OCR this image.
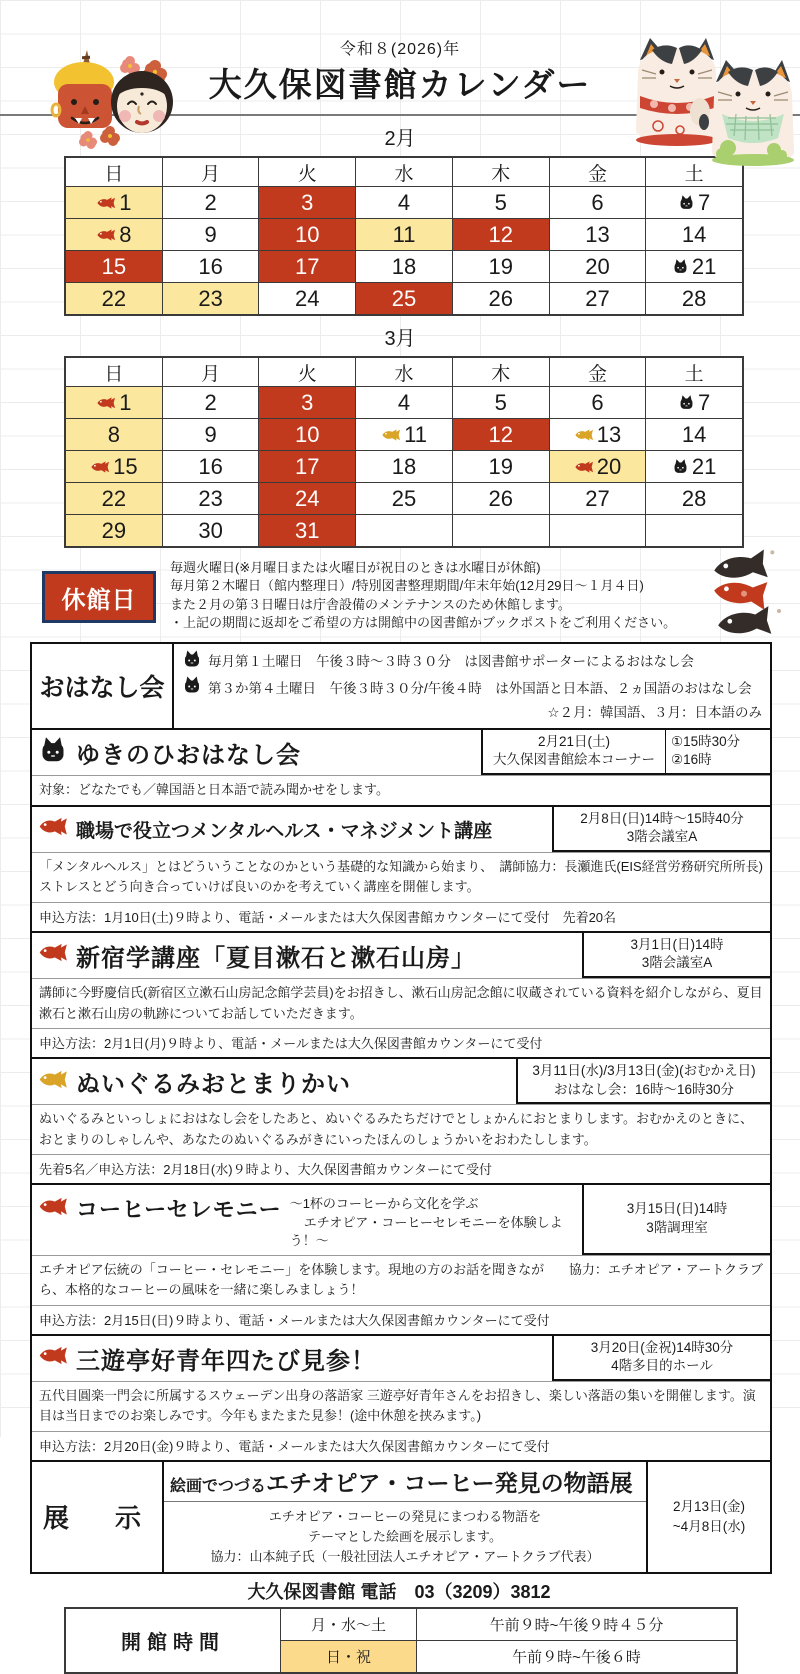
令和８(2026)年
大久保図書館カレンダー
2月
日	月	火	水	木	金	土
1	2	3	4	5	6	7
8	9	10	11	12	13	14
15	16	17	18	19	20	21
22	23	24	25	26	27	28
3月
日	月	火	水	木	金	土
1	2	3	4	5	6	7
8	9	10	11	12	13	14
15	16	17	18	19	20	21
22	23	24	25	26	27	28
29	30	31
休館日
毎週火曜日(※月曜日または火曜日が祝日のときは水曜日が休館)
毎月第２木曜日（館内整理日）/特別図書整理期間/年末年始(12月29日～１月４日)
また２月の第３日曜日は庁舎設備のメンテナンスのため休館します。
・上記の期間に返却をご希望の方は開館中の図書館かブックポストをご利用ください。
おはなし会
毎月第１土曜日　午後３時～３時３０分　は図書館サポーターによるおはなし会
第３か第４土曜日　午後３時３０分/午後４時　は外国語と日本語、２ヵ国語のおはなし会
☆２月：韓国語、３月：日本語のみ
ゆきのひおはなし会
2月21日(土)
大久保図書館絵本コーナー
①15時30分
②16時
対象：どなたでも／韓国語と日本語で読み聞かせをします。
職場で役立つメンタルヘルス・マネジメント講座
2月8日(日)14時～15時40分
3階会議室A
講師協力：長瀬進氏(EIS経営労務研究所所長)
「メンタルヘルス」とはどういうことなのかという基礎的な知識から始まり、ストレスとどう向き合っていけば良いのかを考えていく講座を開催します。
申込方法：1月10日(土)９時より、電話・メールまたは大久保図書館カウンターにて受付　先着20名
新宿学講座「夏目漱石と漱石山房」
3月1日(日)14時
3階会議室A
講師に今野慶信氏(新宿区立漱石山房記念館学芸員)をお招きし、漱石山房記念館に収蔵されている資料を紹介しながら、夏目漱石と漱石山房の軌跡についてお話していただきます。
申込方法：2月1日(月)９時より、電話・メールまたは大久保図書館カウンターにて受付
ぬいぐるみおとまりかい
3月11日(水)/3月13日(金)(おむかえ日)
おはなし会：16時～16時30分
ぬいぐるみといっしょにおはなし会をしたあと、ぬいぐるみたちだけでとしょかんにおとまりします。おむかえのときに、おとまりのしゃしんや、あなたのぬいぐるみがきにいったほんのしょうかいをおわたしします。
先着5名／申込方法：2月18日(水)９時より、大久保図書館カウンターにて受付
コーヒーセレモニー ～1杯のコーヒーから文化を学ぶ
エチオピア・コーヒーセレモニーを体験しよう！～
3月15日(日)14時
3階調理室
協力：エチオピア・アートクラブ
エチオピア伝統の「コーヒー・セレモニー」を体験します。現地の方のお話を聞きながら、本格的なコーヒーの風味を一緒に楽しみましょう！
申込方法：2月15日(日)９時より、電話・メールまたは大久保図書館カウンターにて受付
三遊亭好青年四たび見参！
3月20日(金祝)14時30分
4階多目的ホール
五代目圓楽一門会に所属するスウェーデン出身の落語家 三遊亭好青年さんをお招きし、楽しい落語の集いを開催します。演目は当日までのお楽しみです。今年もまたまた見参！(途中休憩を挟みます。)
申込方法：2月20日(金)９時より、電話・メールまたは大久保図書館カウンターにて受付
展　示
絵画でつづるエチオピア・コーヒー発見の物語展
エチオピア・コーヒーの発見にまつわる物語を
テーマとした絵画を展示します。
協力：山本純子氏（一般社団法人エチオピア・アートクラブ代表）
2月13日(金)
~4月8日(水)
大久保図書館 電話　03（3209）3812
開館時間
月・水～土	午前９時~午後９時４５分
日・祝	午前９時~午後６時
